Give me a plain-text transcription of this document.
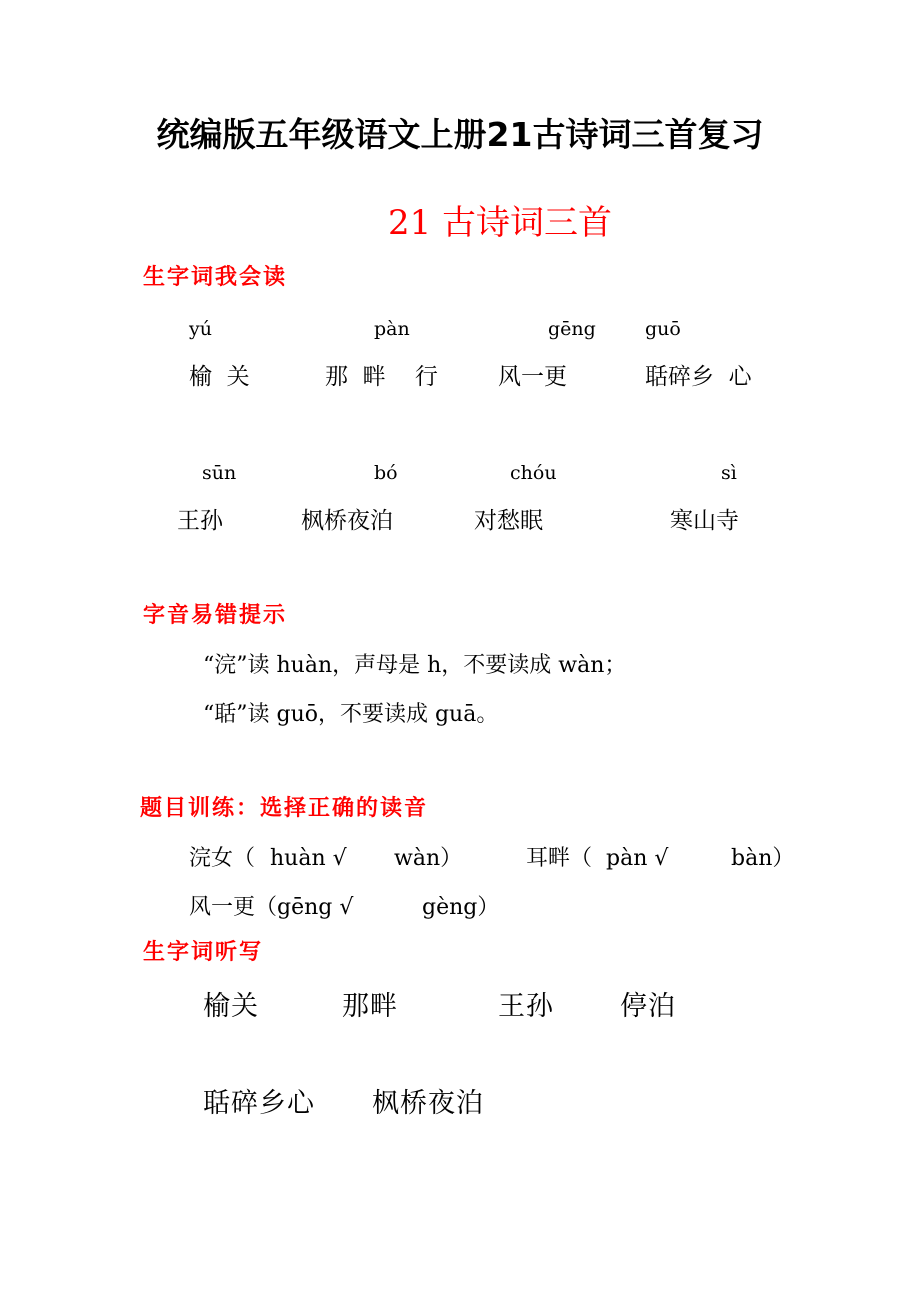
统编版五年级语文上册21古诗词三首复习
21 古诗词三首
生字词我会读
yú	pàn	gēng	guō
榆  关	那  畔    行	风一更	聒碎乡  心
sūn	bó	chóu	sì
王孙	枫桥夜泊	对愁眠	寒山寺
字音易错提示
“浣”读 huàn，声母是 h，不要读成 wàn；
“聒”读 guō，不要读成 guā。
题目训练：选择正确的读音
浣女（ huàn √ wàn）	耳畔（ pàn √	bàn）
风一更（gēng √	gèng）
生字词听写
榆关	那畔	王孙 停泊
聒碎乡心 枫桥夜泊
